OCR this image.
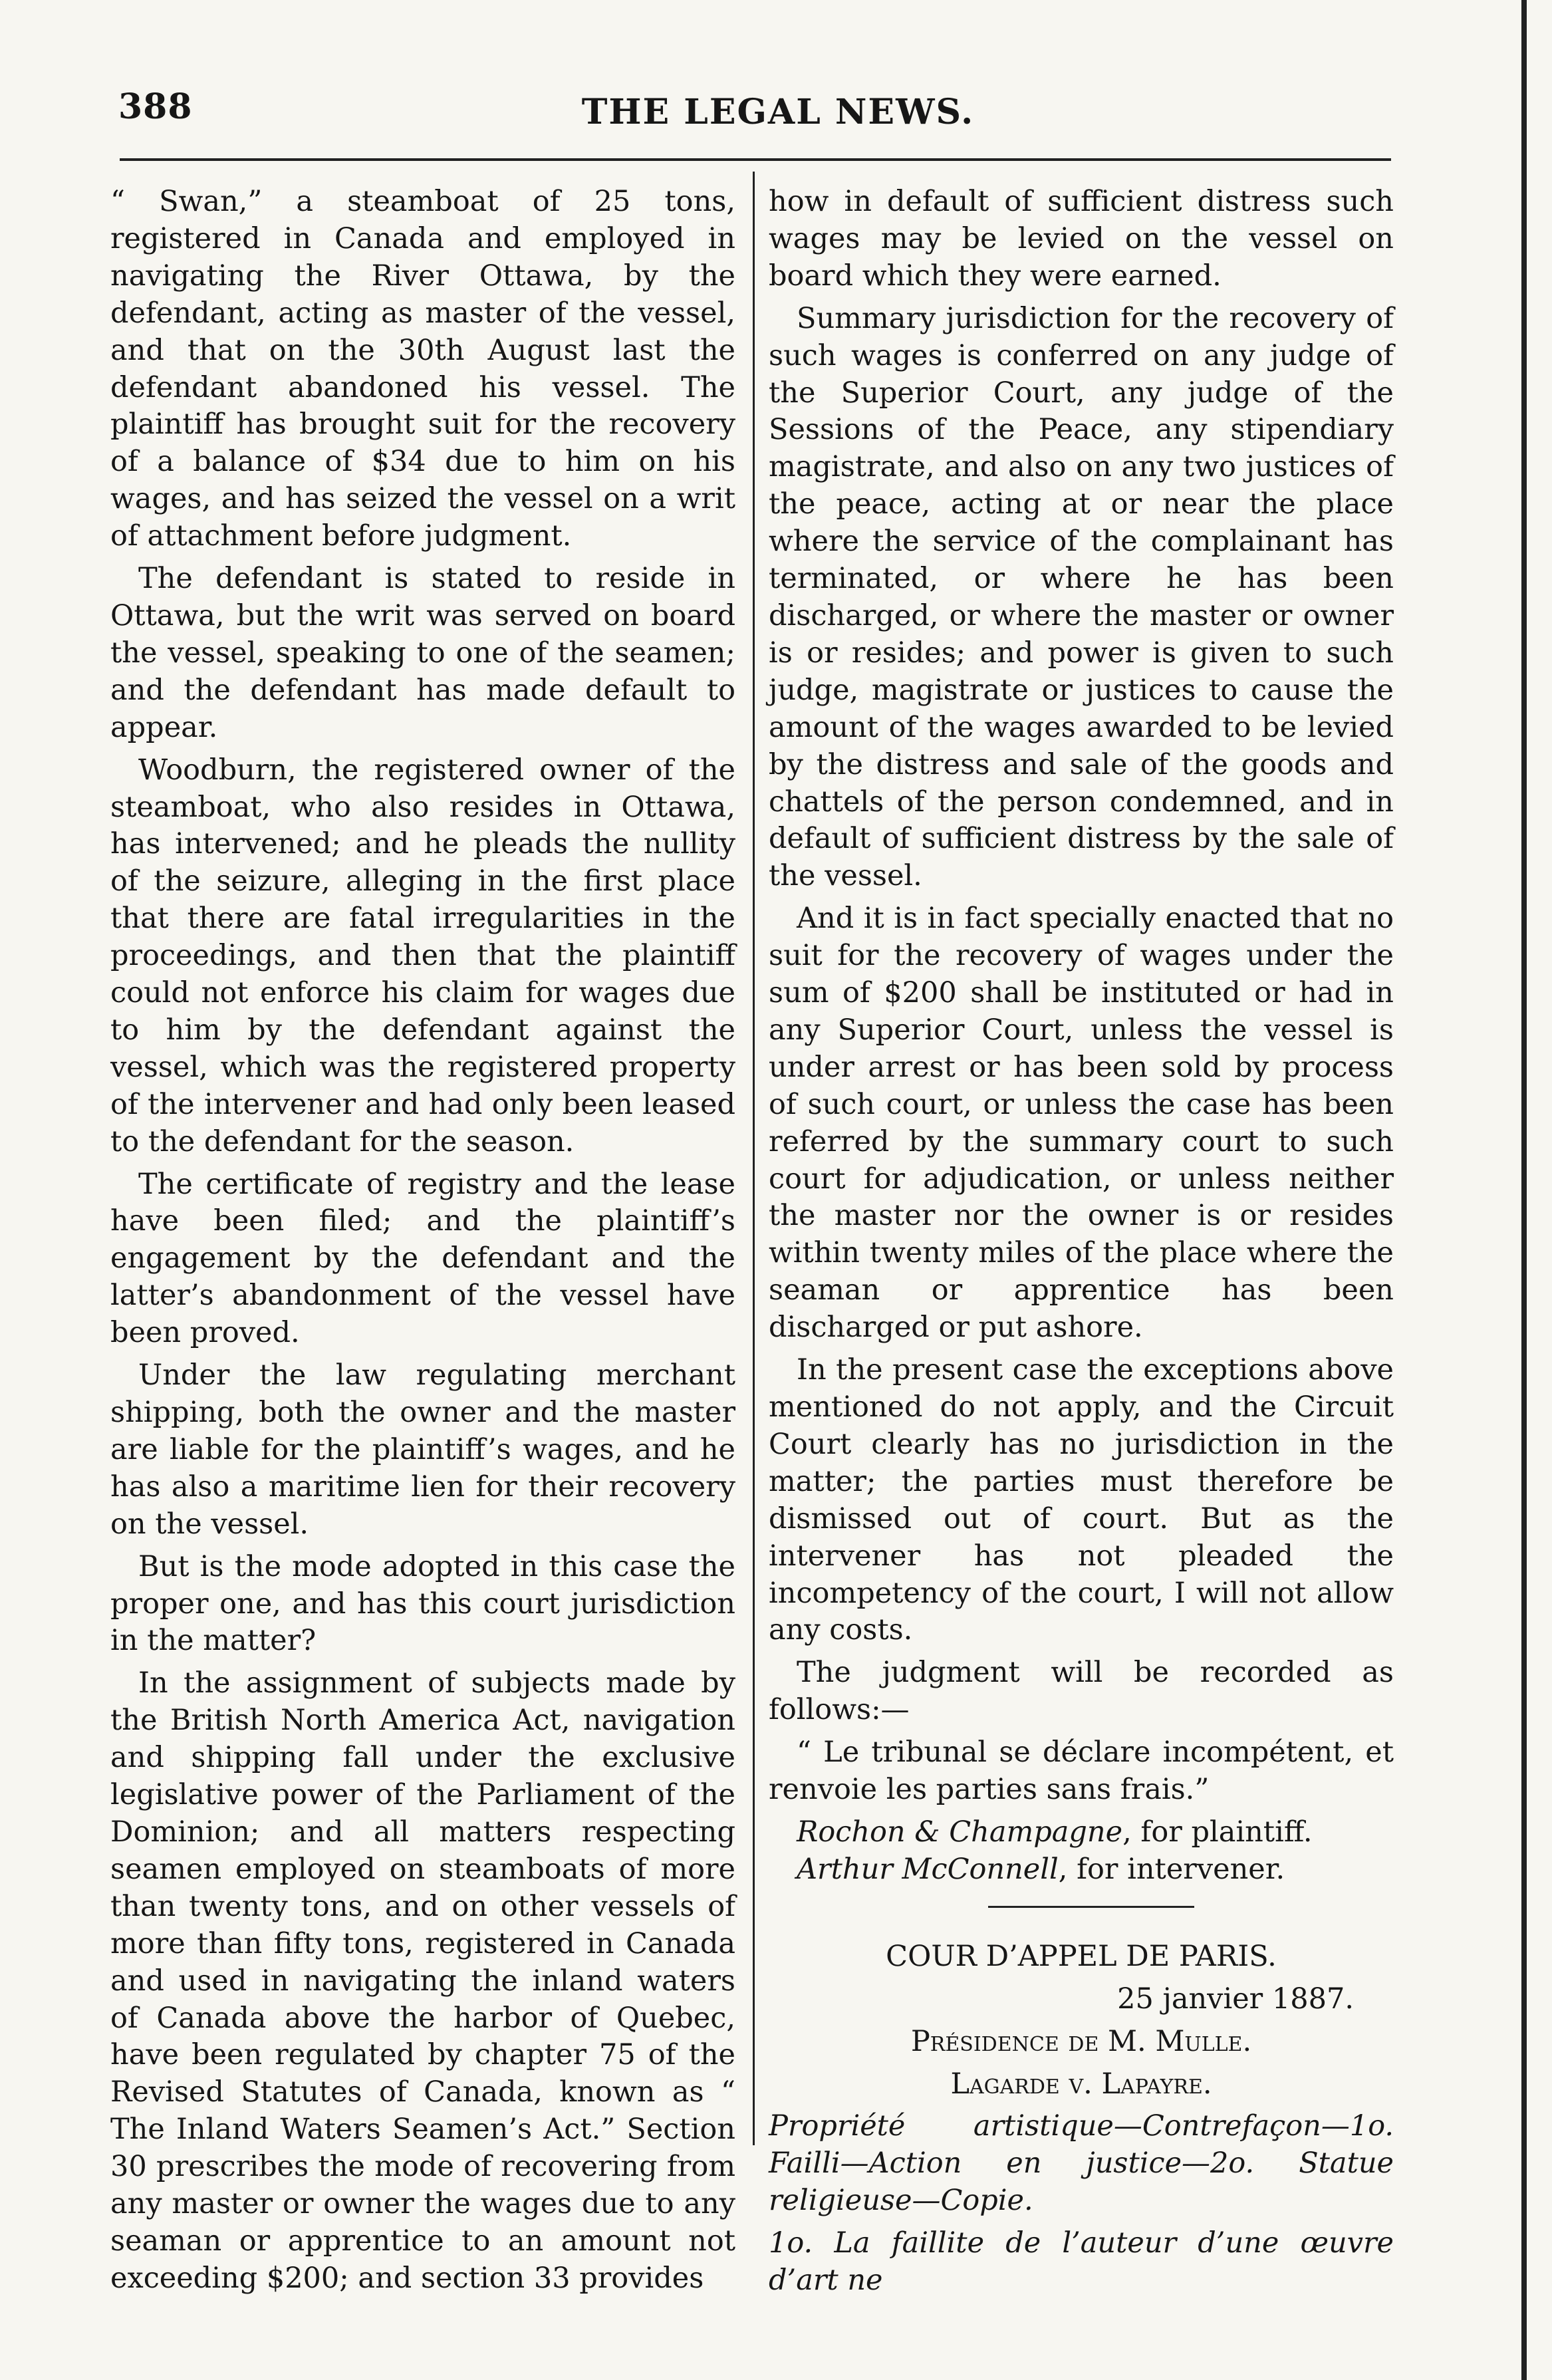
388	THE LEGAL NEWS.

“ Swan,” a steamboat of 25 tons, registered in Canada and employed in navigating the River Ottawa, by the defendant, acting as master of the vessel, and that on the 30th August last the defendant abandoned his vessel. The plaintiff has brought suit for the recovery of a balance of $34 due to him on his wages, and has seized the vessel on a writ of attachment before judgment.

The defendant is stated to reside in Ottawa, but the writ was served on board the vessel, speaking to one of the seamen; and the defendant has made default to appear.

Woodburn, the registered owner of the steamboat, who also resides in Ottawa, has intervened; and he pleads the nullity of the seizure, alleging in the first place that there are fatal irregularities in the proceedings, and then that the plaintiff could not enforce his claim for wages due to him by the defendant against the vessel, which was the registered property of the intervener and had only been leased to the defendant for the season.

The certificate of registry and the lease have been filed; and the plaintiff’s engagement by the defendant and the latter’s abandonment of the vessel have been proved.

Under the law regulating merchant shipping, both the owner and the master are liable for the plaintiff’s wages, and he has also a maritime lien for their recovery on the vessel.

But is the mode adopted in this case the proper one, and has this court jurisdiction in the matter?

In the assignment of subjects made by the British North America Act, navigation and shipping fall under the exclusive legislative power of the Parliament of the Dominion; and all matters respecting seamen employed on steamboats of more than twenty tons, and on other vessels of more than fifty tons, registered in Canada and used in navigating the inland waters of Canada above the harbor of Quebec, have been regulated by chapter 75 of the Revised Statutes of Canada, known as “ The Inland Waters Seamen’s Act.” Section 30 prescribes the mode of recovering from any master or owner the wages due to any seaman or apprentice to an amount not exceeding $200; and section 33 provides

how in default of sufficient distress such wages may be levied on the vessel on board which they were earned.

Summary jurisdiction for the recovery of such wages is conferred on any judge of the Superior Court, any judge of the Sessions of the Peace, any stipendiary magistrate, and also on any two justices of the peace, acting at or near the place where the service of the complainant has terminated, or where he has been discharged, or where the master or owner is or resides; and power is given to such judge, magistrate or justices to cause the amount of the wages awarded to be levied by the distress and sale of the goods and chattels of the person condemned, and in default of sufficient distress by the sale of the vessel.

And it is in fact specially enacted that no suit for the recovery of wages under the sum of $200 shall be instituted or had in any Superior Court, unless the vessel is under arrest or has been sold by process of such court, or unless the case has been referred by the summary court to such court for adjudication, or unless neither the master nor the owner is or resides within twenty miles of the place where the seaman or apprentice has been discharged or put ashore.

In the present case the exceptions above mentioned do not apply, and the Circuit Court clearly has no jurisdiction in the matter; the parties must therefore be dismissed out of court. But as the intervener has not pleaded the incompetency of the court, I will not allow any costs.

The judgment will be recorded as follows:—

“ Le tribunal se déclare incompétent, et renvoie les parties sans frais.”

Rochon & Champagne, for plaintiff.

Arthur McConnell, for intervener.

COUR D’APPEL DE PARIS.

25 janvier 1887.

Présidence de M. Mulle.

Lagarde v. Lapayre.

Propriété artistique—Contrefaçon—1o. Failli—Action en justice—2o. Statue religieuse—Copie.

1o. La faillite de l’auteur d’une œuvre d’art ne
